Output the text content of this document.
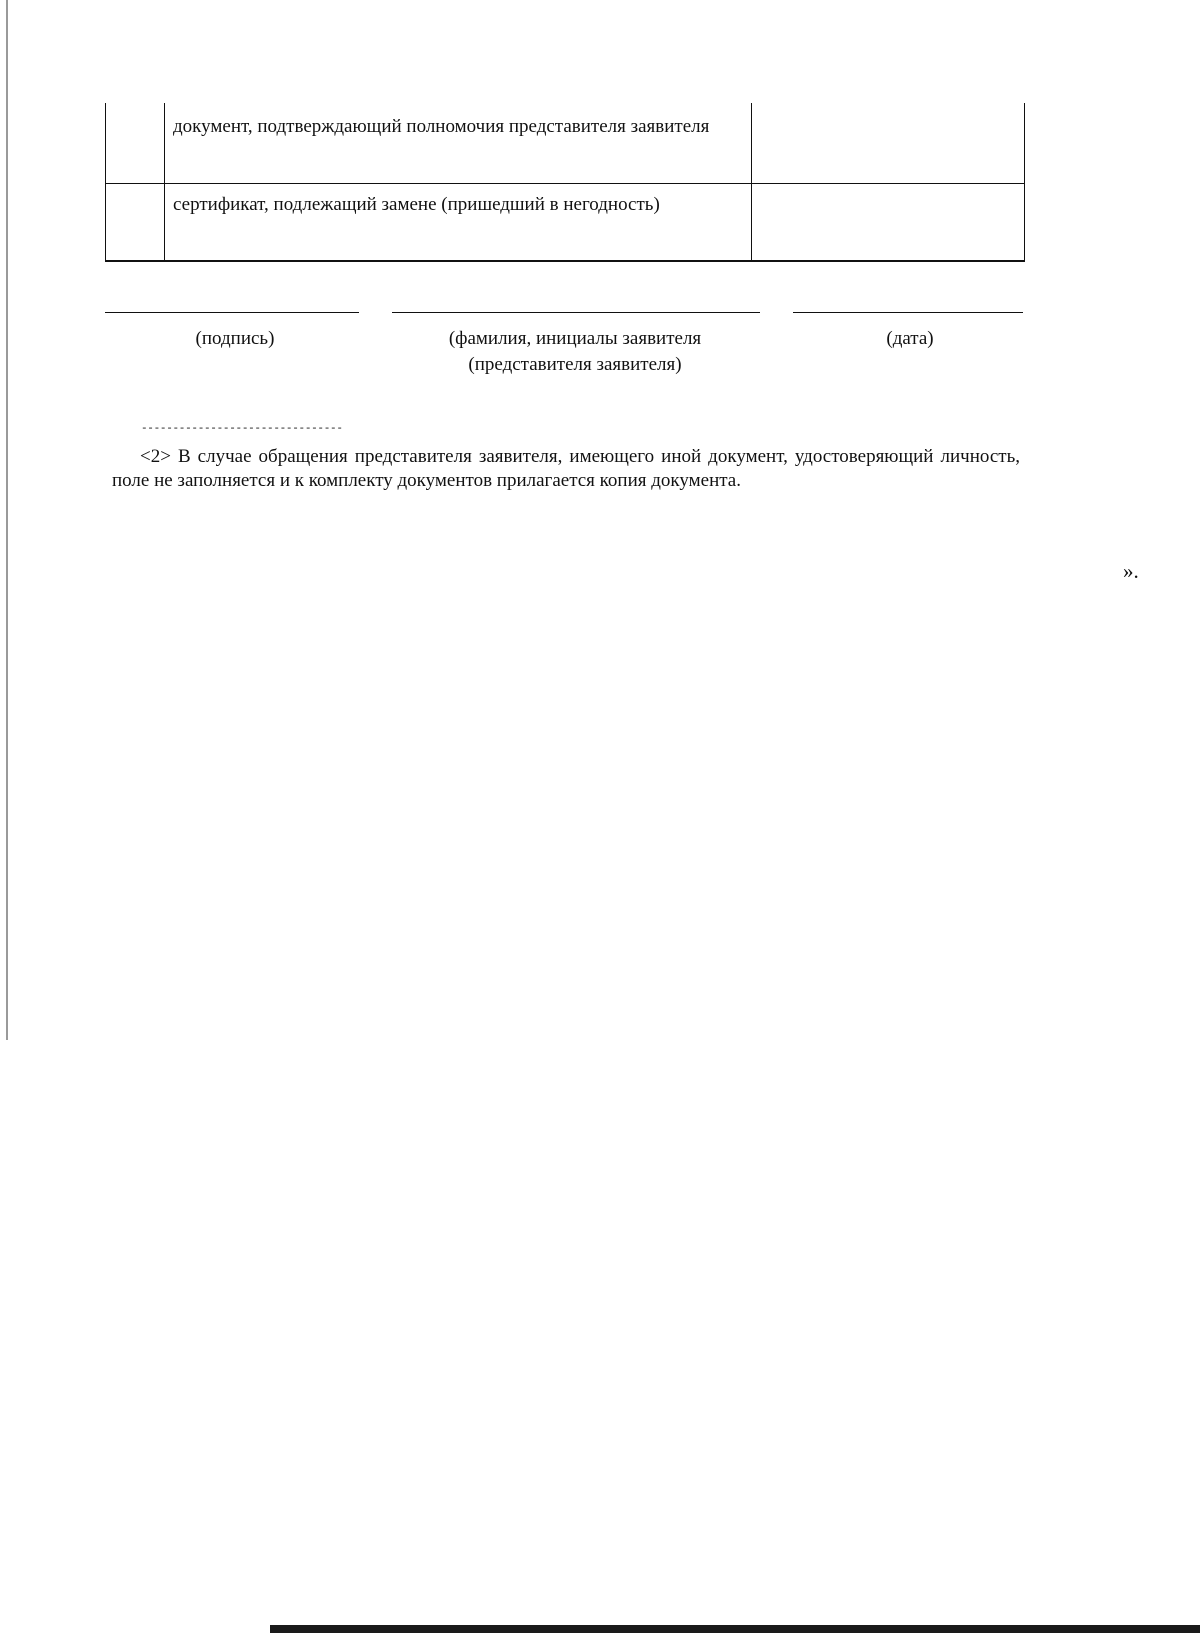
	документ, подтверждающий полномочия представителя заявителя	
	сертификат, подлежащий замене (пришедший в негодность)	
(подпись)	(фамилия, инициалы заявителя
(представителя заявителя)
(дата)
--------------------------------
<2> В случае обращения представителя заявителя, имеющего иной документ, удостоверяющий личность, поле не заполняется и к комплекту документов прилагается копия документа.
».
